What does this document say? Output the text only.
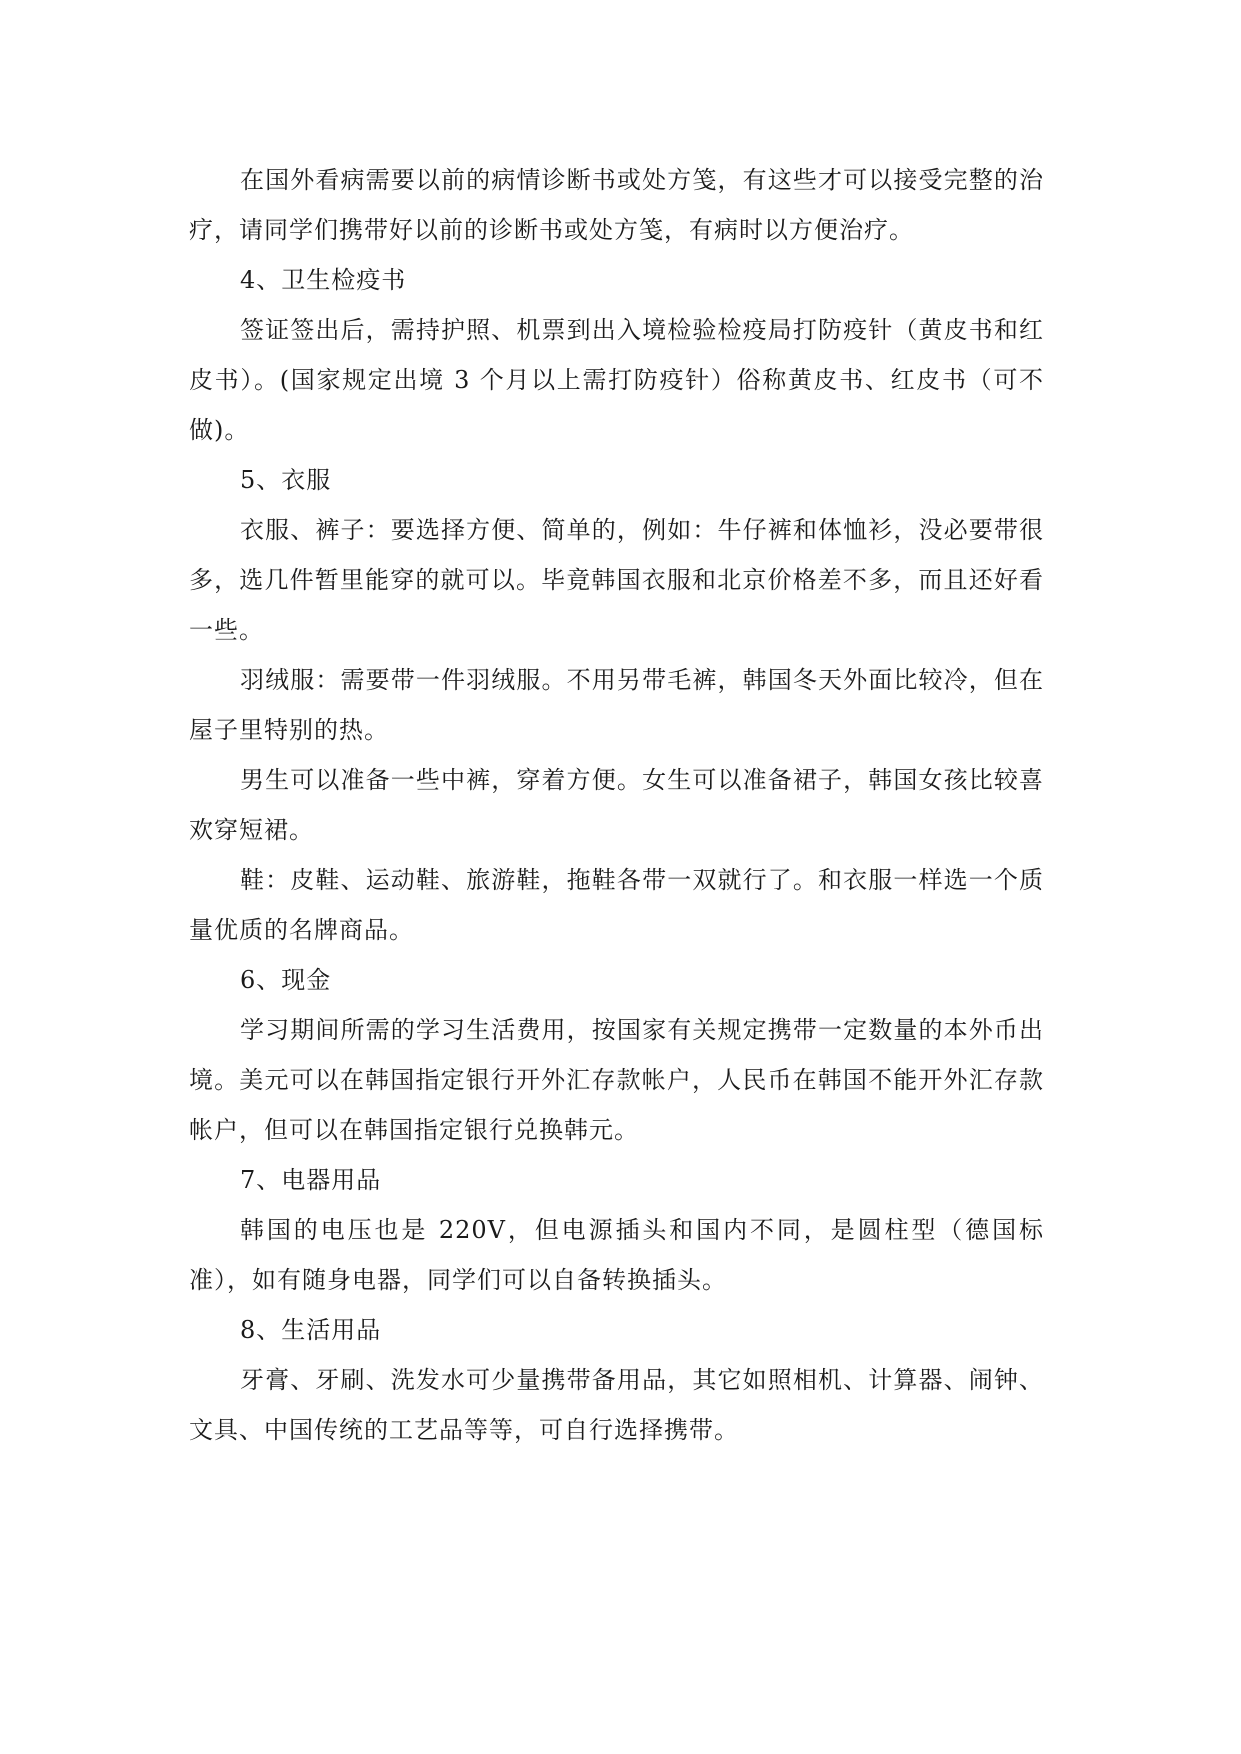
在国外看病需要以前的病情诊断书或处方笺，有这些才可以接受完整的治疗，请同学们携带好以前的诊断书或处方笺，有病时以方便治疗。

4、卫生检疫书

签证签出后，需持护照、机票到出入境检验检疫局打防疫针（黄皮书和红皮书）。(国家规定出境 3 个月以上需打防疫针）俗称黄皮书、红皮书（可不做)。

5、衣服

衣服、裤子：要选择方便、简单的，例如：牛仔裤和体恤衫，没必要带很多，选几件暂里能穿的就可以。毕竟韩国衣服和北京价格差不多，而且还好看一些。

羽绒服：需要带一件羽绒服。不用另带毛裤，韩国冬天外面比较冷，但在屋子里特别的热。

男生可以准备一些中裤，穿着方便。女生可以准备裙子，韩国女孩比较喜欢穿短裙。

鞋：皮鞋、运动鞋、旅游鞋，拖鞋各带一双就行了。和衣服一样选一个质量优质的名牌商品。

6、现金

学习期间所需的学习生活费用，按国家有关规定携带一定数量的本外币出境。美元可以在韩国指定银行开外汇存款帐户，人民币在韩国不能开外汇存款帐户，但可以在韩国指定银行兑换韩元。

7、电器用品

韩国的电压也是 220V，但电源插头和国内不同，是圆柱型（德国标准），如有随身电器，同学们可以自备转换插头。

8、生活用品

牙膏、牙刷、洗发水可少量携带备用品，其它如照相机、计算器、闹钟、文具、中国传统的工艺品等等，可自行选择携带。
